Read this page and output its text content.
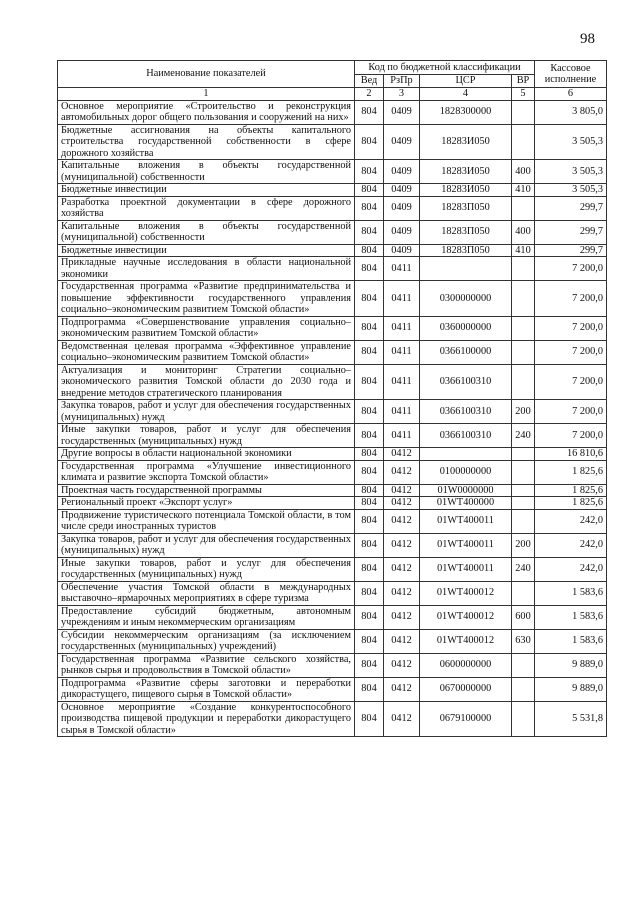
98
Наименование показателей	Код по бюджетной классификации				Кассовое исполнение
	Вед	РзПр	ЦСР	ВР	
1	2	3	4	5	6
Основное мероприятие «Строительство и реконструкция автомобильных дорог общего пользования и сооружений на них»	804	0409	1828300000		3 805,0
Бюджетные ассигнования на объекты капитального строительства государственной собственности в сфере дорожного хозяйства	804	0409	18283И050		3 505,3
Капитальные вложения в объекты государственной (муниципальной) собственности	804	0409	18283И050	400	3 505,3
Бюджетные инвестиции	804	0409	18283И050	410	3 505,3
Разработка проектной документации в сфере дорожного хозяйства	804	0409	18283П050		299,7
Капитальные вложения в объекты государственной (муниципальной) собственности	804	0409	18283П050	400	299,7
Бюджетные инвестиции	804	0409	18283П050	410	299,7
Прикладные научные исследования в области национальной экономики	804	0411			7 200,0
Государственная программа «Развитие предпринимательства и повышение эффективности государственного управления социально–экономическим развитием Томской области»	804	0411	0300000000		7 200,0
Подпрограмма «Совершенствование управления социально–экономическим развитием Томской области»	804	0411	0360000000		7 200,0
Ведомственная целевая программа «Эффективное управление социально–экономическим развитием Томской области»	804	0411	0366100000		7 200,0
Актуализация и мониторинг Стратегии социально–экономического развития Томской области до 2030 года и внедрение методов стратегического планирования	804	0411	0366100310		7 200,0
Закупка товаров, работ и услуг для обеспечения государственных (муниципальных) нужд	804	0411	0366100310	200	7 200,0
Иные закупки товаров, работ и услуг для обеспечения государственных (муниципальных) нужд	804	0411	0366100310	240	7 200,0
Другие вопросы в области национальной экономики	804	0412			16 810,6
Государственная программа «Улучшение инвестиционного климата и развитие экспорта Томской области»	804	0412	0100000000		1 825,6
Проектная часть государственной программы	804	0412	01W0000000		1 825,6
Региональный проект «Экспорт услуг»	804	0412	01WT400000		1 825,6
Продвижение туристического потенциала Томской области, в том числе среди иностранных туристов	804	0412	01WT400011		242,0
Закупка товаров, работ и услуг для обеспечения государственных (муниципальных) нужд	804	0412	01WT400011	200	242,0
Иные закупки товаров, работ и услуг для обеспечения государственных (муниципальных) нужд	804	0412	01WT400011	240	242,0
Обеспечение участия Томской области в международных выставочно–ярмарочных мероприятиях в сфере туризма	804	0412	01WT400012		1 583,6
Предоставление субсидий бюджетным, автономным учреждениям и иным некоммерческим организациям	804	0412	01WT400012	600	1 583,6
Субсидии некоммерческим организациям (за исключением государственных (муниципальных) учреждений)	804	0412	01WT400012	630	1 583,6
Государственная программа «Развитие сельского хозяйства, рынков сырья и продовольствия в Томской области»	804	0412	0600000000		9 889,0
Подпрограмма «Развитие сферы заготовки и переработки дикорастущего, пищевого сырья в Томской области»	804	0412	0670000000		9 889,0
Основное мероприятие «Создание конкурентоспособного производства пищевой продукции и переработки дикорастущего сырья в Томской области»	804	0412	0679100000		5 531,8
